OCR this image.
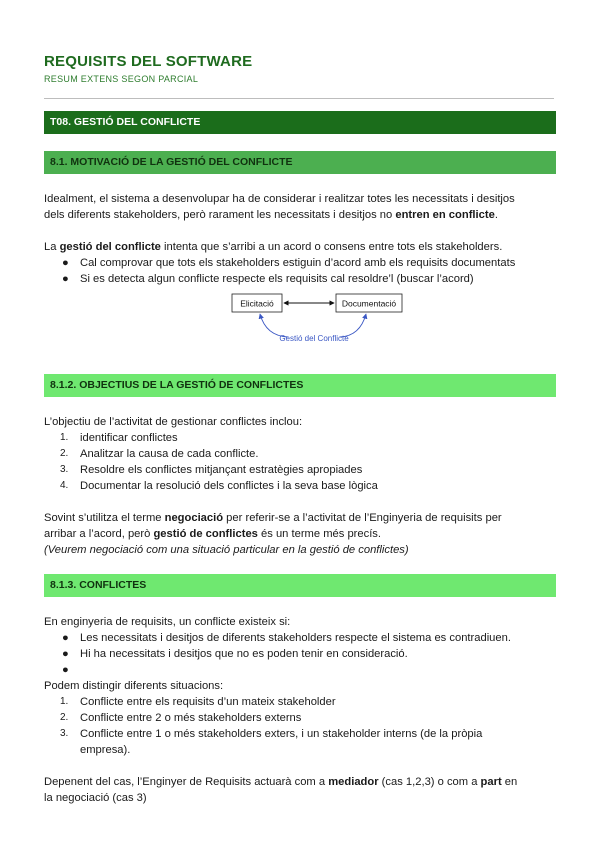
REQUISITS DEL SOFTWARE
RESUM EXTENS SEGON PARCIAL
T08. GESTIÓ DEL CONFLICTE
8.1. MOTIVACIÓ DE LA GESTIÓ DEL CONFLICTE
Idealment, el sistema a desenvolupar ha de considerar i realitzar totes les necessitats i desitjos
dels diferents stakeholders, però rarament les necessitats i desitjos no entren en conflicte.
La gestió del conflicte intenta que s’arribi a un acord o consens entre tots els stakeholders.
● Cal comprovar que tots els stakeholders estiguin d’acord amb els requisits documentats
● Si es detecta algun conflicte respecte els requisits cal resoldre’l (buscar l’acord)
Elicitació	Documentació
Gestió del Conflicte
8.1.2. OBJECTIUS DE LA GESTIÓ DE CONFLICTES
L’objectiu de l’activitat de gestionar conflictes inclou:
1. identificar conflictes
2. Analitzar la causa de cada conflicte.
3. Resoldre els conflictes mitjançant estratègies apropiades
4. Documentar la resolució dels conflictes i la seva base lògica
Sovint s’utilitza el terme negociació per referir-se a l’activitat de l’Enginyeria de requisits per
arribar a l’acord, però gestió de conflictes és un terme més precís.
(Veurem negociació com una situació particular en la gestió de conflictes)
8.1.3. CONFLICTES
En enginyeria de requisits, un conflicte existeix si:
● Les necessitats i desitjos de diferents stakeholders respecte el sistema es contradiuen.
● Hi ha necessitats i desitjos que no es poden tenir en consideració.
●
Podem distingir diferents situacions:
1. Conflicte entre els requisits d’un mateix stakeholder
2. Conflicte entre 2 o més stakeholders externs
3. Conflicte entre 1 o més stakeholders exters, i un stakeholder interns (de la pròpia
empresa).
Depenent del cas, l’Enginyer de Requisits actuarà com a mediador (cas 1,2,3) o com a part en
la negociació (cas 3)
